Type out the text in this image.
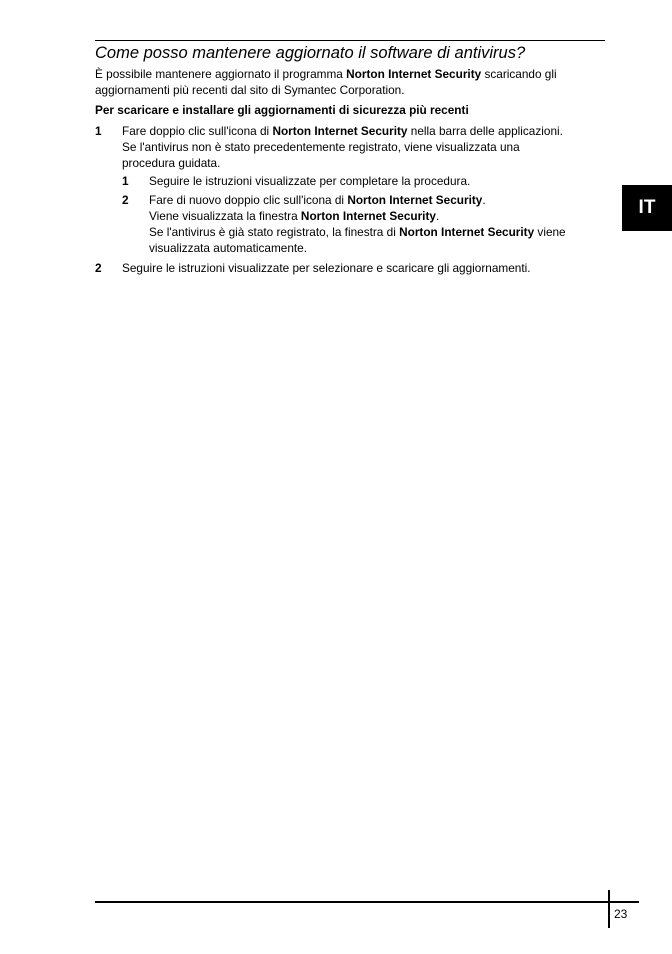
Come posso mantenere aggiornato il software di antivirus?

È possibile mantenere aggiornato il programma Norton Internet Security scaricando gli
aggiornamenti più recenti dal sito di Symantec Corporation.

Per scaricare e installare gli aggiornamenti di sicurezza più recenti

1 Fare doppio clic sull'icona di Norton Internet Security nella barra delle applicazioni.
Se l'antivirus non è stato precedentemente registrato, viene visualizzata una
procedura guidata.
1 Seguire le istruzioni visualizzate per completare la procedura.
2 Fare di nuovo doppio clic sull'icona di Norton Internet Security.
Viene visualizzata la finestra Norton Internet Security.
Se l'antivirus è già stato registrato, la finestra di Norton Internet Security viene
visualizzata automaticamente.
2 Seguire le istruzioni visualizzate per selezionare e scaricare gli aggiornamenti.
IT
23
